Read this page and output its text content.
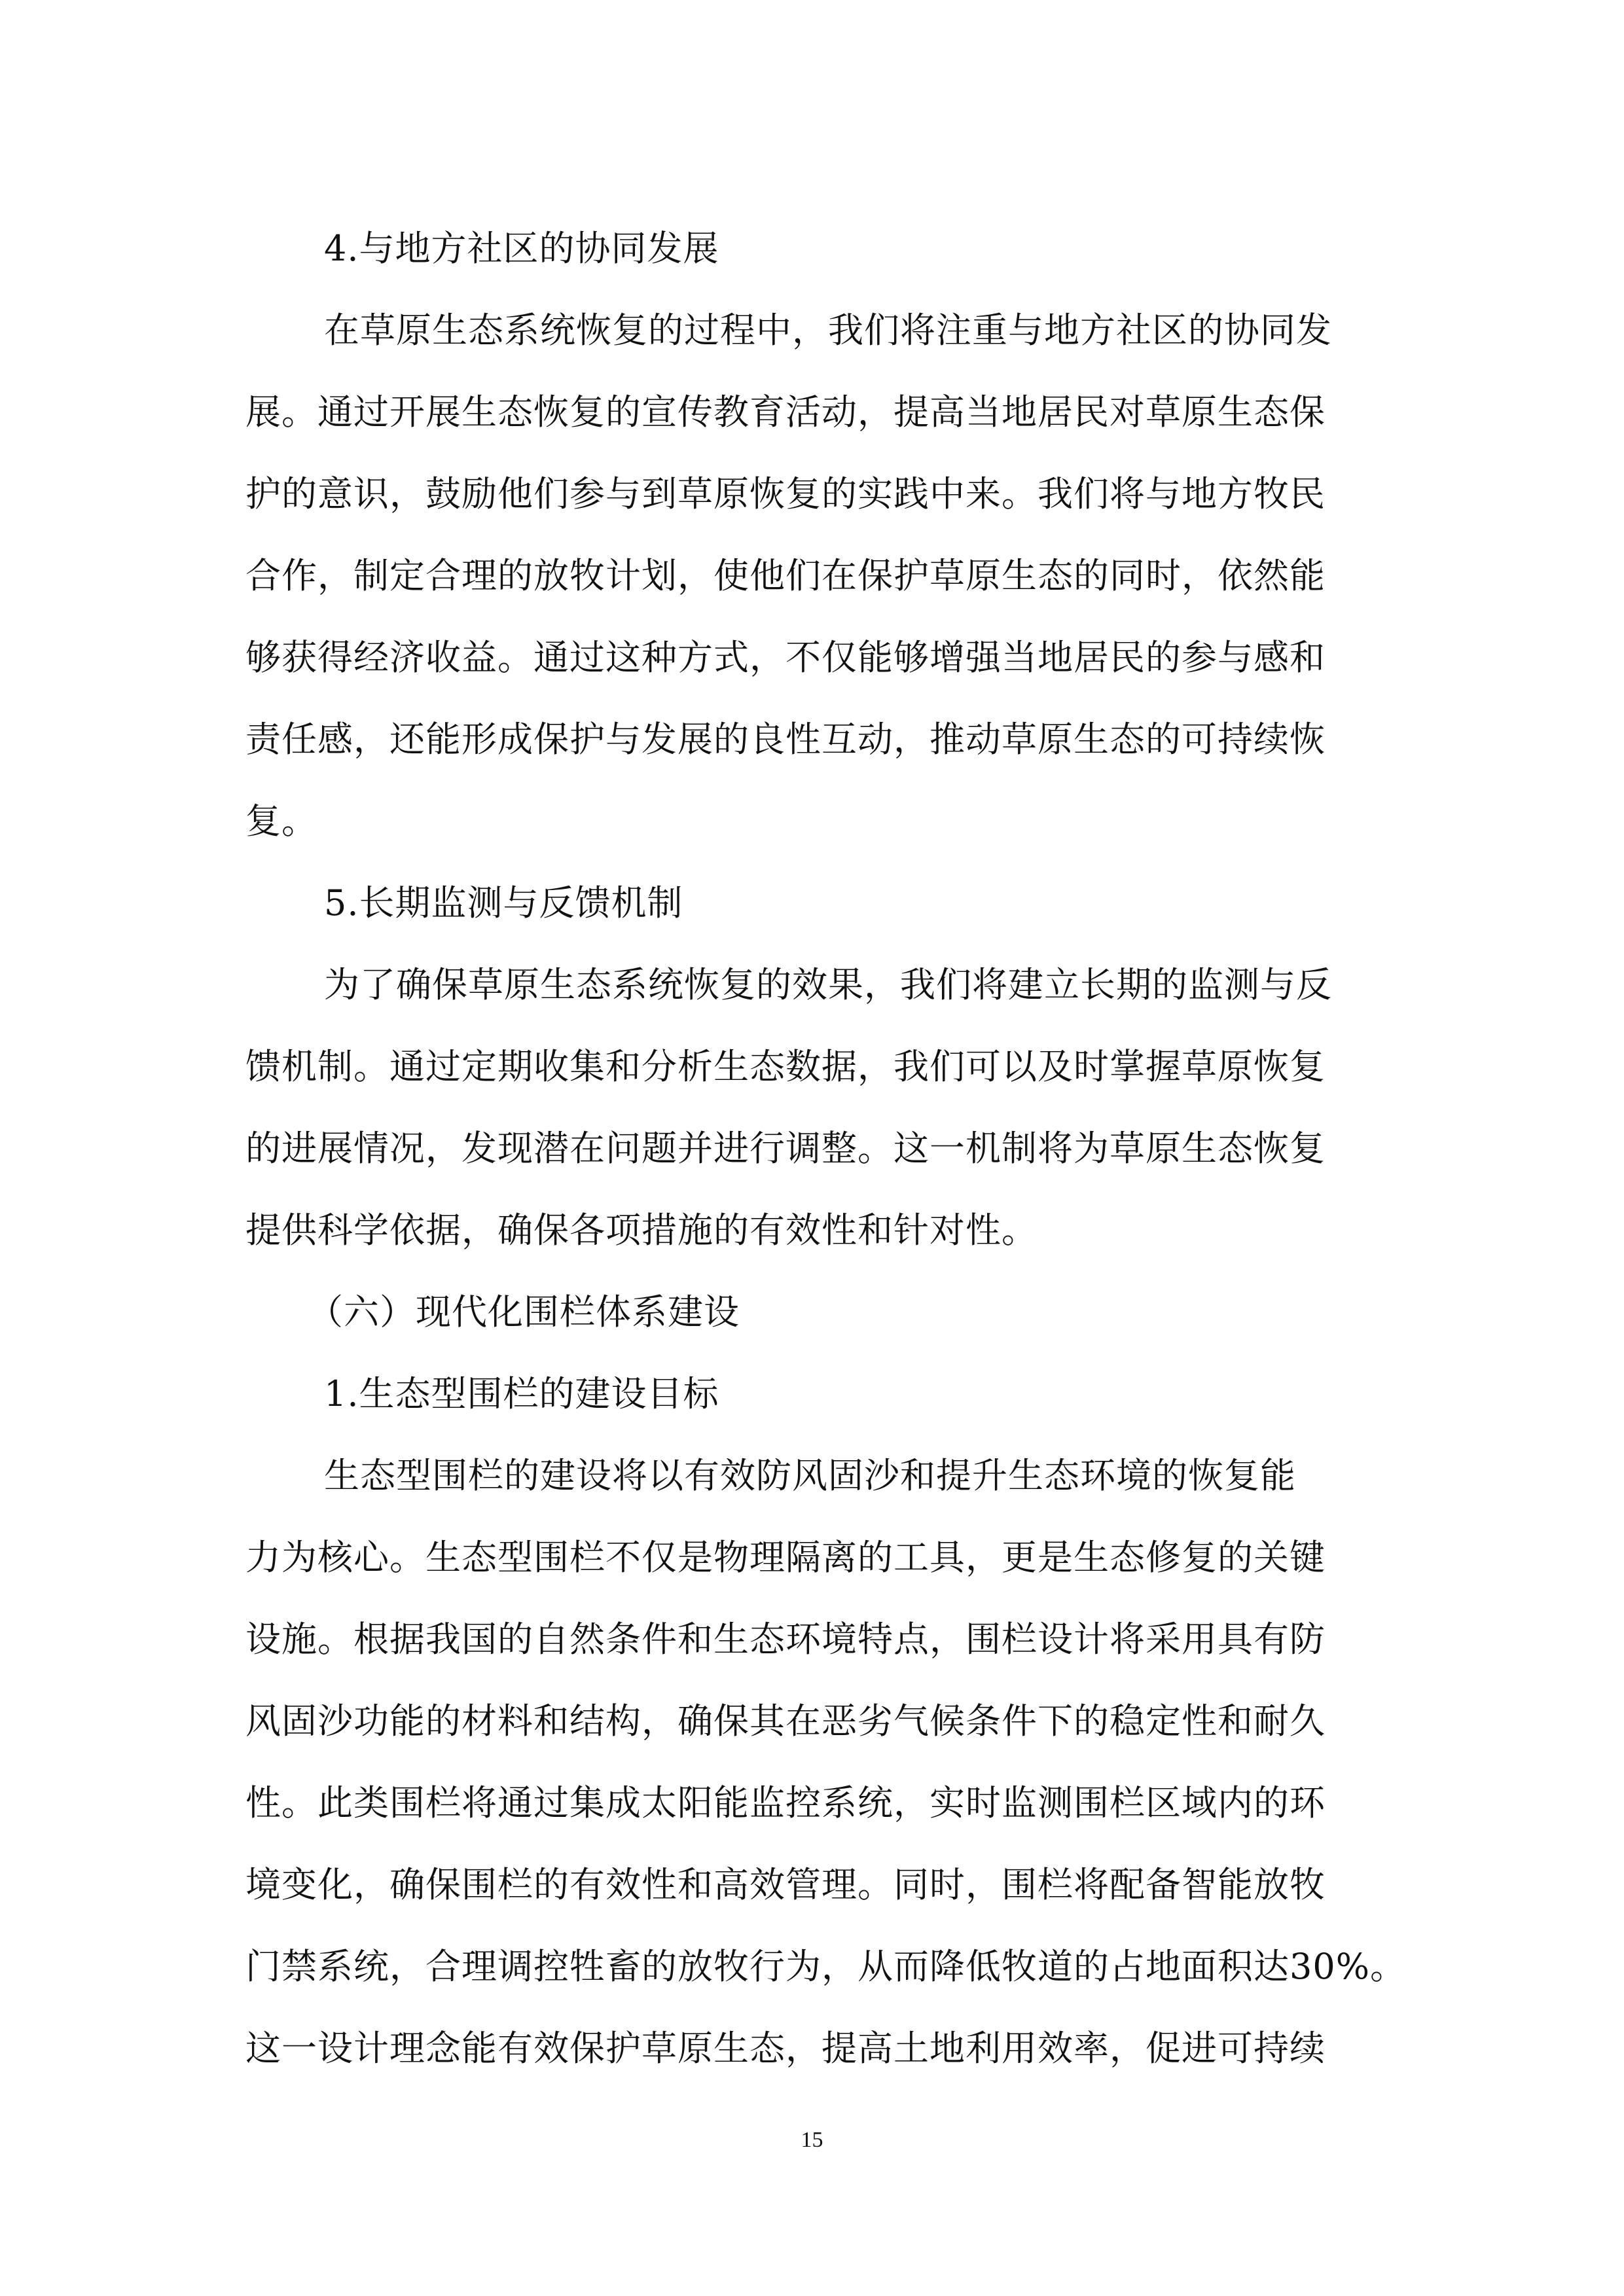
4.与地方社区的协同发展
在草原生态系统恢复的过程中，我们将注重与地方社区的协同发
展。通过开展生态恢复的宣传教育活动，提高当地居民对草原生态保
护的意识，鼓励他们参与到草原恢复的实践中来。我们将与地方牧民
合作，制定合理的放牧计划，使他们在保护草原生态的同时，依然能
够获得经济收益。通过这种方式，不仅能够增强当地居民的参与感和
责任感，还能形成保护与发展的良性互动，推动草原生态的可持续恢
复。
5.长期监测与反馈机制
为了确保草原生态系统恢复的效果，我们将建立长期的监测与反
馈机制。通过定期收集和分析生态数据，我们可以及时掌握草原恢复
的进展情况，发现潜在问题并进行调整。这一机制将为草原生态恢复
提供科学依据，确保各项措施的有效性和针对性。
（六）现代化围栏体系建设
1.生态型围栏的建设目标
生态型围栏的建设将以有效防风固沙和提升生态环境的恢复能
力为核心。生态型围栏不仅是物理隔离的工具，更是生态修复的关键
设施。根据我国的自然条件和生态环境特点，围栏设计将采用具有防
风固沙功能的材料和结构，确保其在恶劣气候条件下的稳定性和耐久
性。此类围栏将通过集成太阳能监控系统，实时监测围栏区域内的环
境变化，确保围栏的有效性和高效管理。同时，围栏将配备智能放牧
门禁系统，合理调控牲畜的放牧行为，从而降低牧道的占地面积达30%。
这一设计理念能有效保护草原生态，提高土地利用效率，促进可持续
15
